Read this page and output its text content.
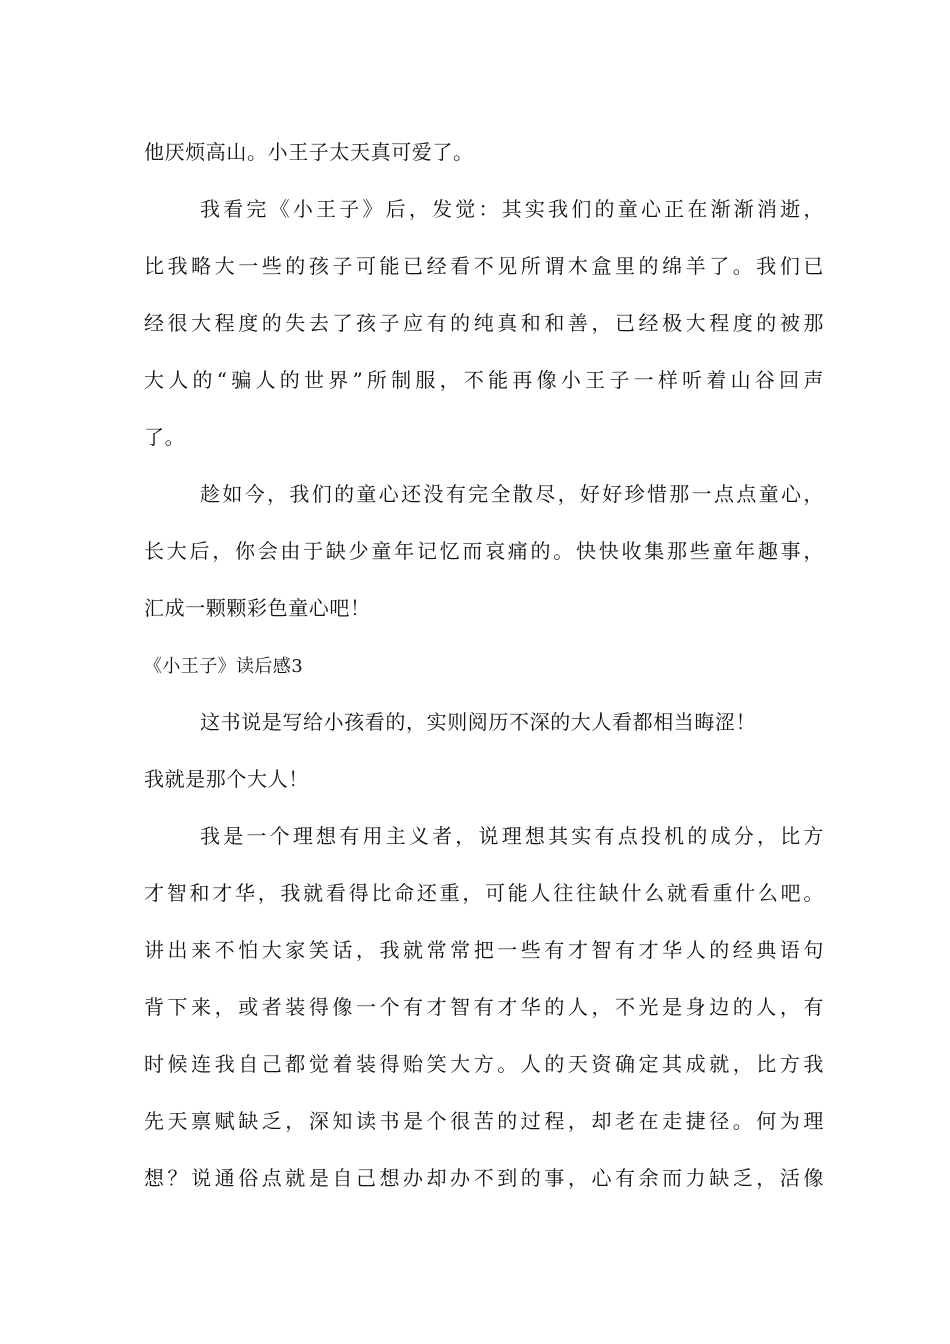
他厌烦高山。小王子太天真可爱了。
我看完《小王子》后，发觉：其实我们的童心正在渐渐消逝，
比我略大一些的孩子可能已经看不见所谓木盒里的绵羊了。我们已
经很大程度的失去了孩子应有的纯真和和善，已经极大程度的被那
大人的“骗人的世界”所制服，不能再像小王子一样听着山谷回声
了。
趁如今，我们的童心还没有完全散尽，好好珍惜那一点点童心，
长大后，你会由于缺少童年记忆而哀痛的。快快收集那些童年趣事，
汇成一颗颗彩色童心吧！
《小王子》读后感3
这书说是写给小孩看的，实则阅历不深的大人看都相当晦涩！
我就是那个大人！
我是一个理想有用主义者，说理想其实有点投机的成分，比方
才智和才华，我就看得比命还重，可能人往往缺什么就看重什么吧。
讲出来不怕大家笑话，我就常常把一些有才智有才华人的经典语句
背下来，或者装得像一个有才智有才华的人，不光是身边的人，有
时候连我自己都觉着装得贻笑大方。人的天资确定其成就，比方我
先天禀赋缺乏，深知读书是个很苦的过程，却老在走捷径。何为理
想？说通俗点就是自己想办却办不到的事，心有余而力缺乏，活像
